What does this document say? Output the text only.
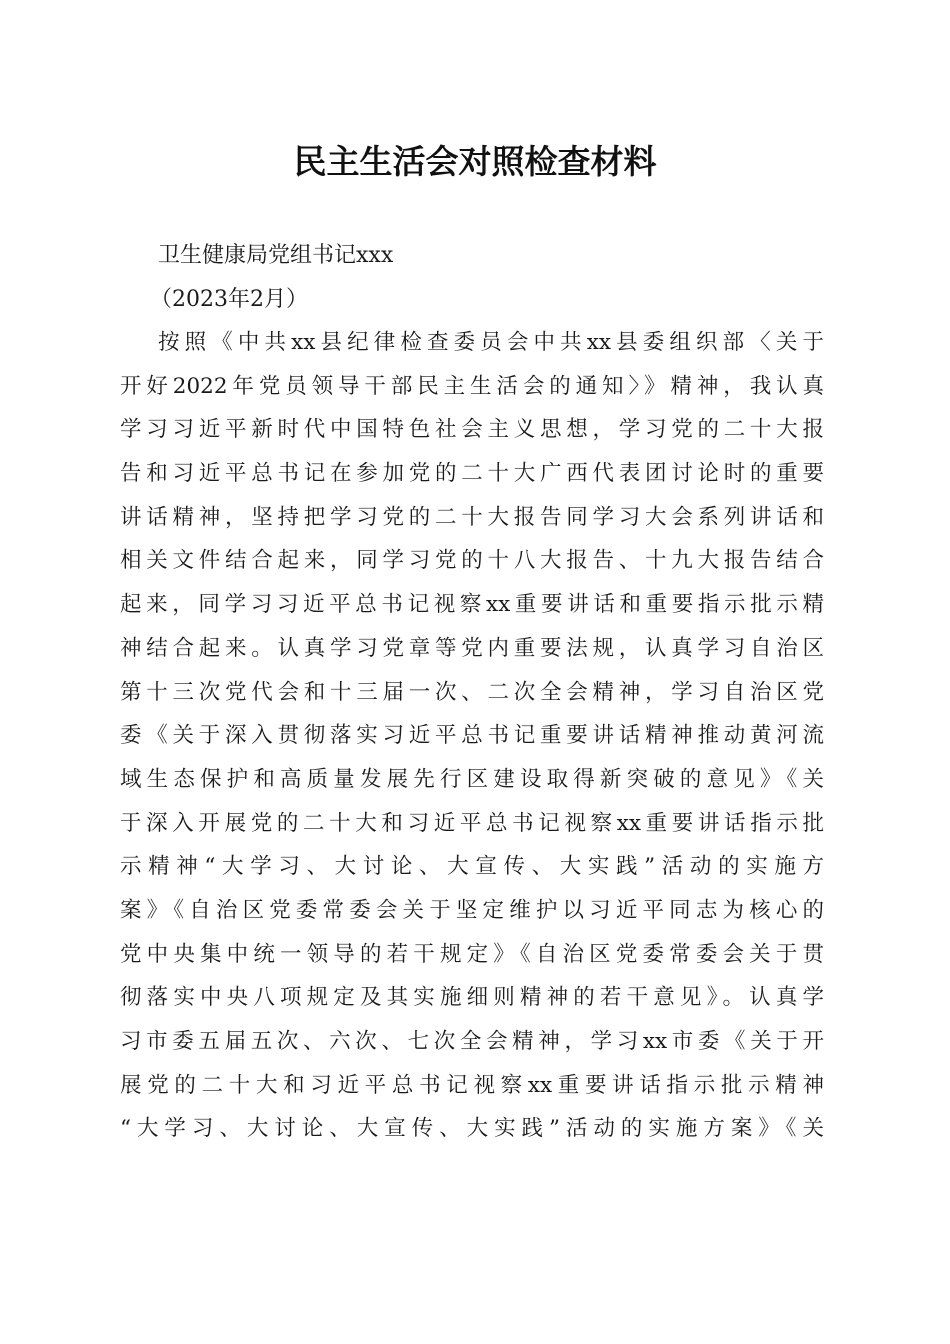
民主生活会对照检查材料
卫生健康局党组书记xxx
（2023年2月）
按照《中共xx县纪律检查委员会中共xx县委组织部〈关于
开好2022年党员领导干部民主生活会的通知〉》精神，我认真
学习习近平新时代中国特色社会主义思想，学习党的二十大报
告和习近平总书记在参加党的二十大广西代表团讨论时的重要
讲话精神，坚持把学习党的二十大报告同学习大会系列讲话和
相关文件结合起来，同学习党的十八大报告、十九大报告结合
起来，同学习习近平总书记视察xx重要讲话和重要指示批示精
神结合起来。认真学习党章等党内重要法规，认真学习自治区
第十三次党代会和十三届一次、二次全会精神，学习自治区党
委《关于深入贯彻落实习近平总书记重要讲话精神推动黄河流
域生态保护和高质量发展先行区建设取得新突破的意见》《关
于深入开展党的二十大和习近平总书记视察xx重要讲话指示批
示精神“大学习、大讨论、大宣传、大实践”活动的实施方
案》《自治区党委常委会关于坚定维护以习近平同志为核心的
党中央集中统一领导的若干规定》《自治区党委常委会关于贯
彻落实中央八项规定及其实施细则精神的若干意见》。认真学
习市委五届五次、六次、七次全会精神，学习xx市委《关于开
展党的二十大和习近平总书记视察xx重要讲话指示批示精神
“大学习、大讨论、大宣传、大实践”活动的实施方案》《关
